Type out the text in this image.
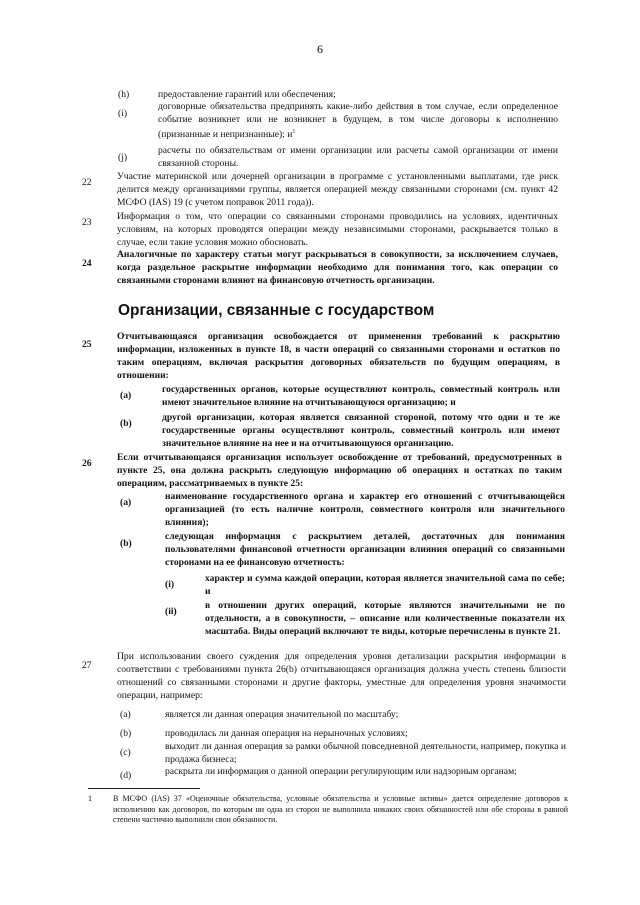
6
(h)	предоставление гарантий или обеспечения;
(i)
договорные обязательства предпринять какие-либо действия в том случае, если определенное событие возникнет или не возникнет в будущем, в том числе договоры к исполнению (признанные и непризнанные); $и^1$
(j)
расчеты по обязательствам от имени организации или расчеты самой организации от имени связанной стороны.
22
Участие материнской или дочерней организации в программе с установленными выплатами, где риск делится между организациями группы, является операцией между связанными сторонами (см. пункт 42 МСФО (IAS) 19 (с учетом поправок 2011 года)).
23
Информация о том, что операции со связанными сторонами проводились на условиях, идентичных условиям, на которых проводятся операции между независимыми сторонами, раскрывается только в случае, если такие условия можно обосновать.
24
Аналогичные по характеру статьи могут раскрываться в совокупности, за исключением случаев, когда раздельное раскрытие информации необходимо для понимания того, как операции со связанными сторонами влияют на финансовую отчетность организации.
Организации, связанные с государством
25
Отчитывающаяся организация освобождается от применения требований к раскрытию информации, изложенных в пункте 18, в части операций со связанными сторонами и остатков по таким операциям, включая раскрытия договорных обязательств по будущим операциям, в отношении:
(a)
государственных органов, которые осуществляют контроль, совместный контроль или имеют значительное влияние на отчитывающуюся организацию; и
(b)
другой организации, которая является связанной стороной, потому что одни и те же государственные органы осуществляют контроль, совместный контроль или имеют значительное влияние на нее и на отчитывающуюся организацию.
26
Если отчитывающаяся организация использует освобождение от требований, предусмотренных в пункте 25, она должна раскрыть следующую информацию об операциях и остатках по таким операциям, рассматриваемых в пункте 25:
(a)
наименование государственного органа и характер его отношений с отчитывающейся организацией (то есть наличие контроля, совместного контроля или значительного влияния);
(b)
следующая информация с раскрытием деталей, достаточных для понимания пользователями финансовой отчетности организации влияния операций со связанными сторонами на ее финансовую отчетность:
(i)
характер и сумма каждой операции, которая является значительной сама по себе; и
(ii)
в отношении других операций, которые являются значительными не по отдельности, а в совокупности, – описание или количественные показатели их масштаба. Виды операций включают те виды, которые перечислены в пункте 21.
27
При использовании своего суждения для определения уровня детализации раскрытия информации в соответствии с требованиями пункта 26(b) отчитывающаяся организация должна учесть степень близости отношений со связанными сторонами и другие факторы, уместные для определения уровня значимости операции, например:
(a)	является ли данная операция значительной по масштабу;
(b)	проводилась ли данная операция на нерыночных условиях;
(c)
выходит ли данная операция за рамки обычной повседневной деятельности, например, покупка и продажа бизнеса;
(d)	раскрыта ли информация о данной операции регулирующим или надзорным органам;
1	В МСФО (IAS) 37 «Оценочные обязательства, условные обязательства и условные активы» дается определение договоров к исполнению как договоров, по которым ни одна из сторон не выполнила никаких своих обязанностей или обе стороны в равной степени частично выполнили свои обязанности.
